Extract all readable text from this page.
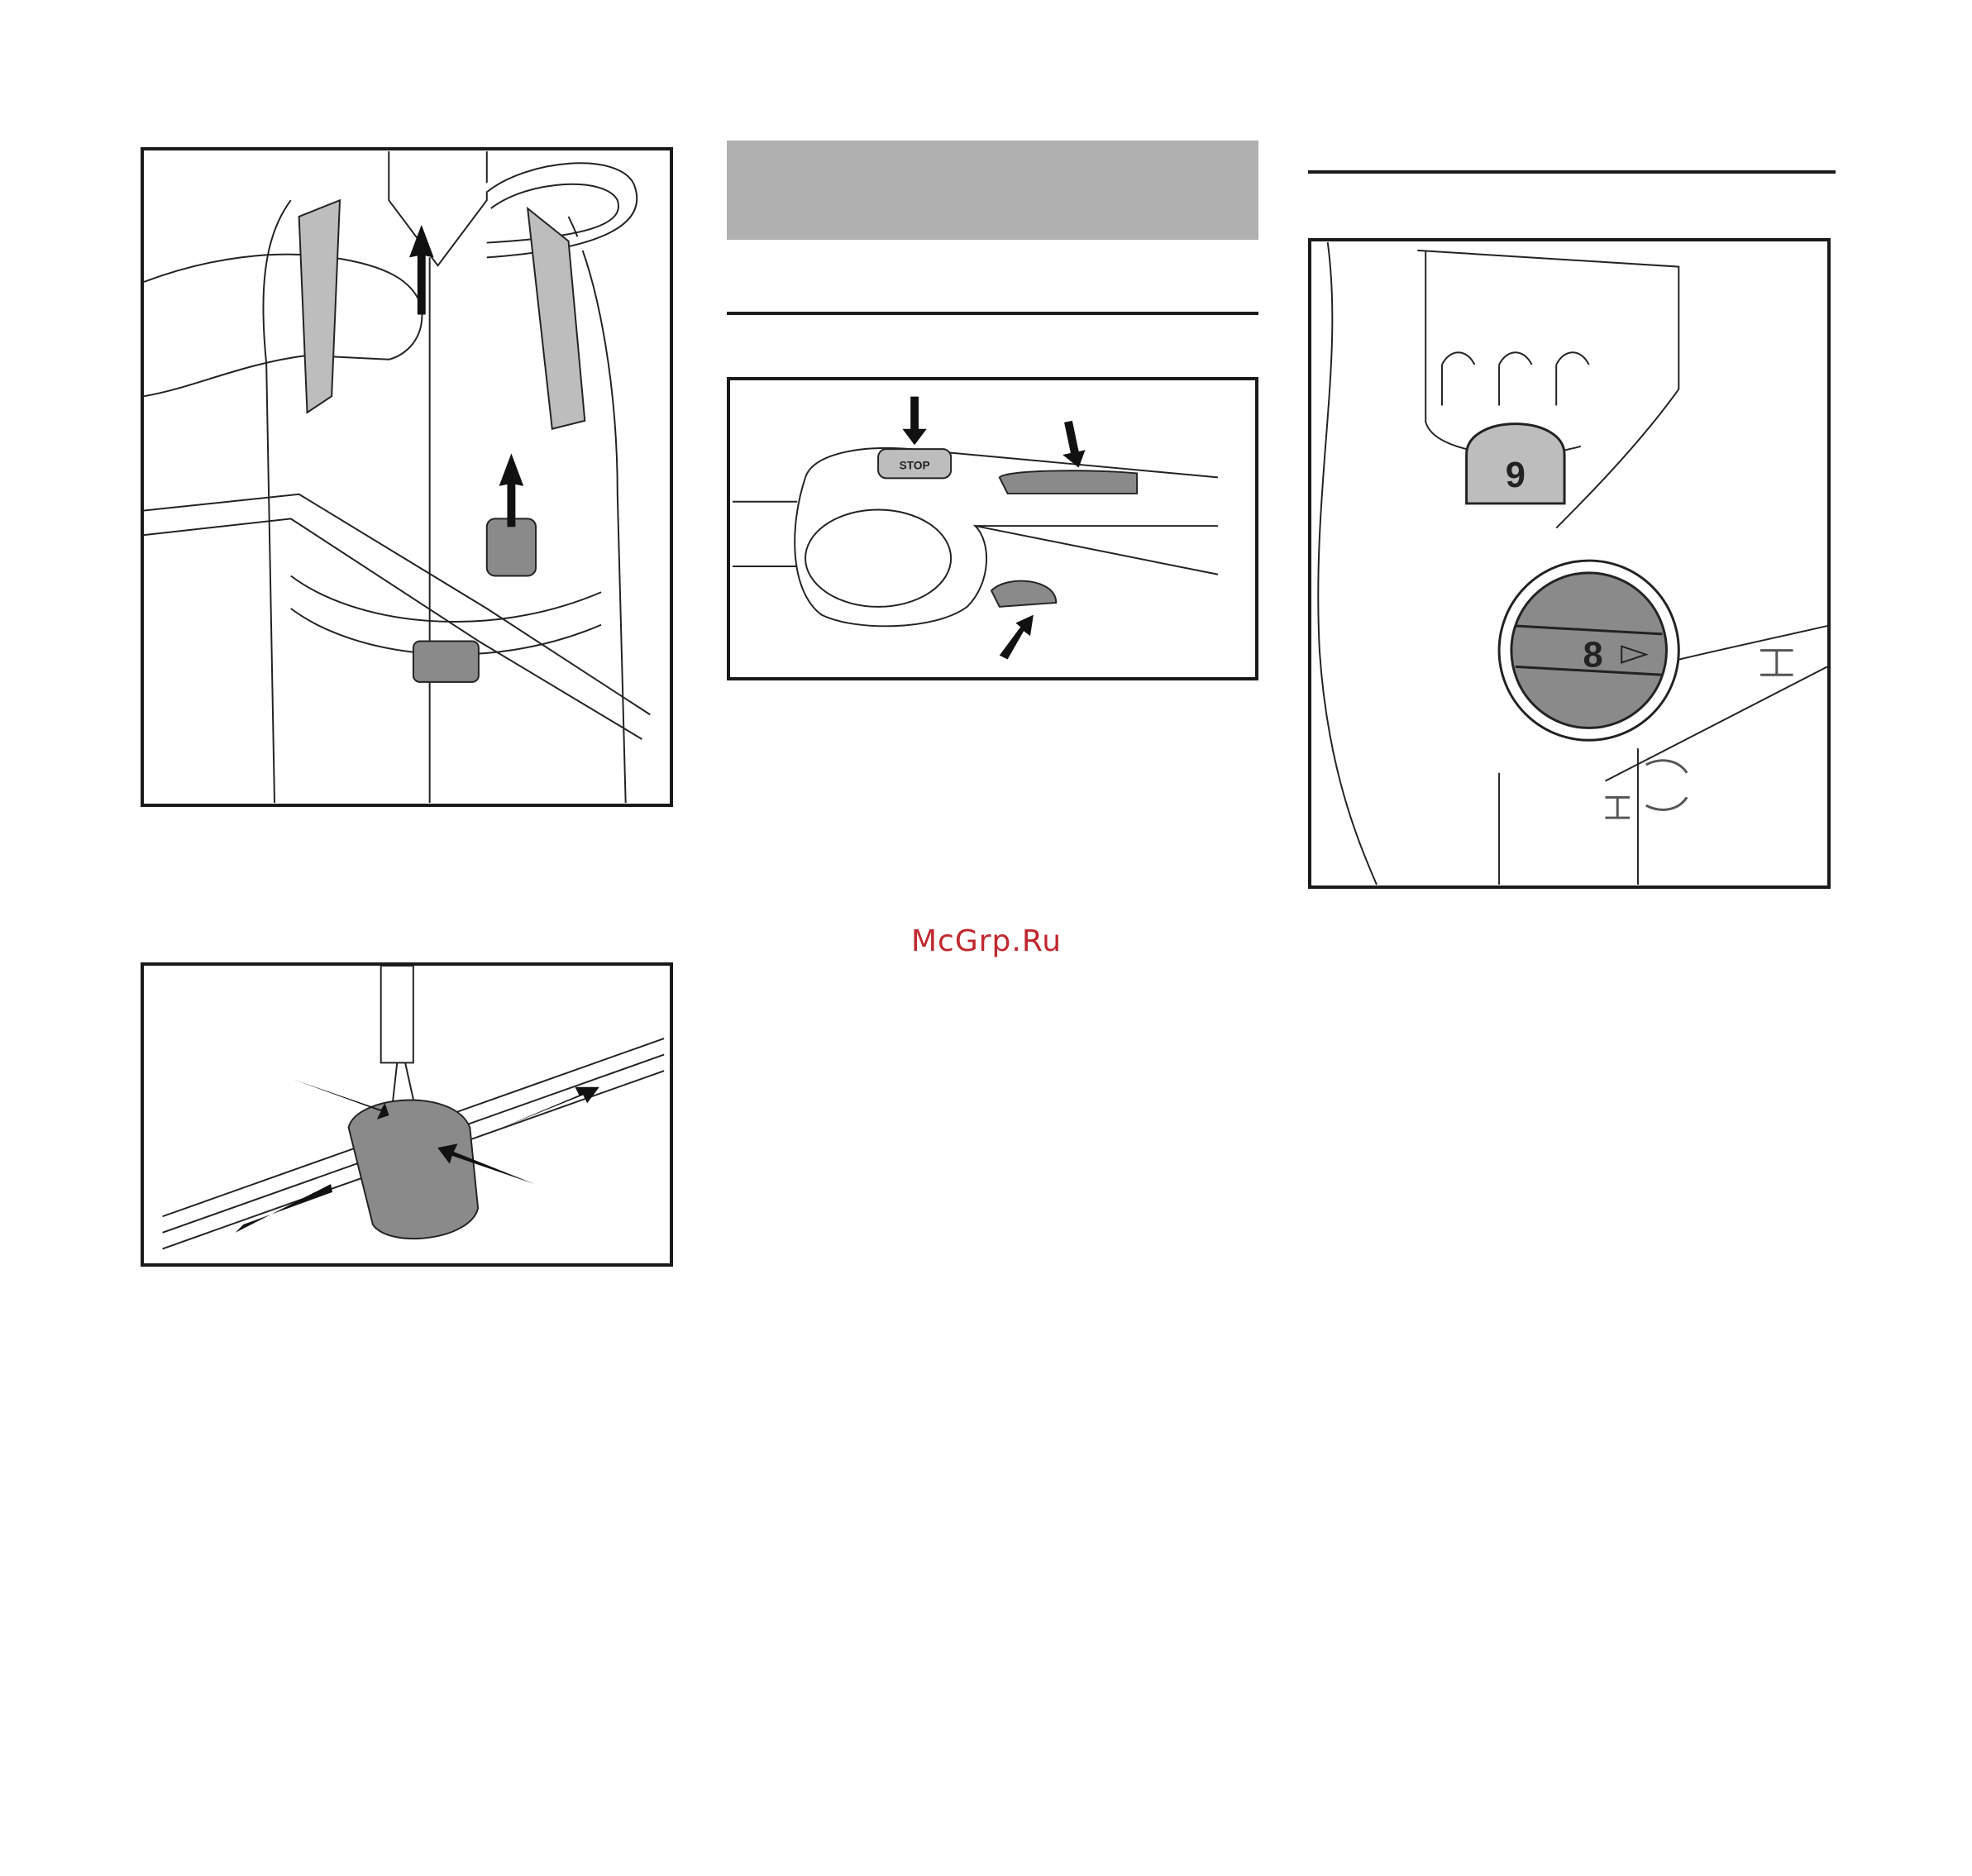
STOP	9
8
McGrp.Ru
